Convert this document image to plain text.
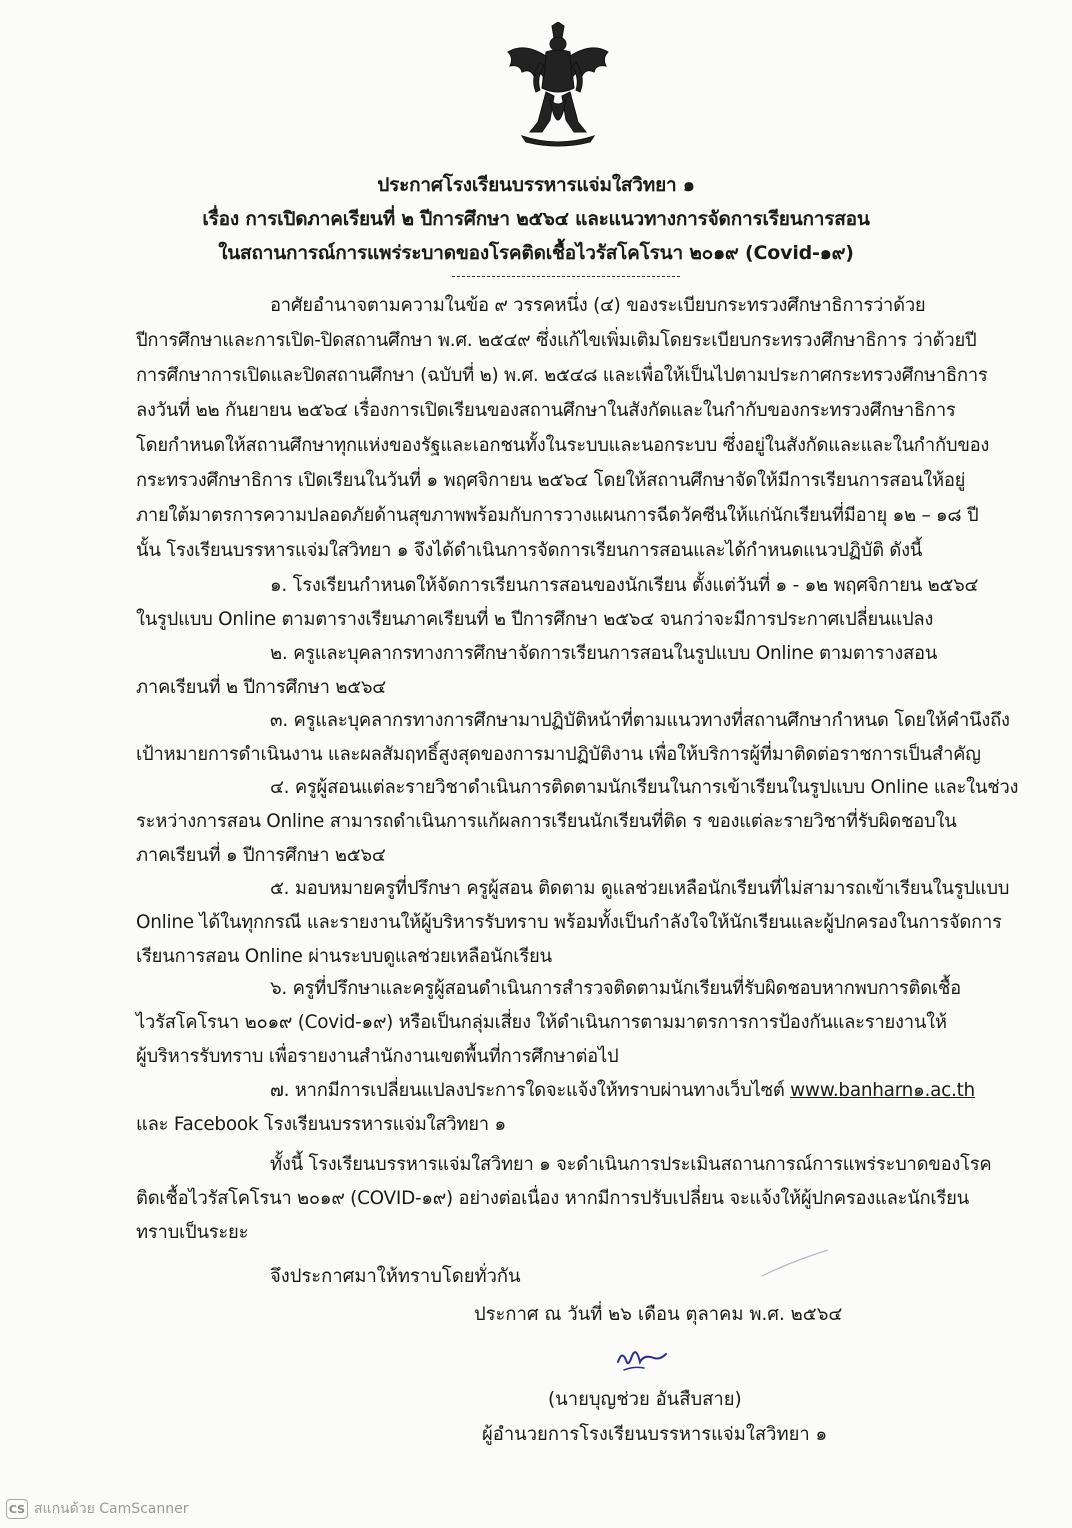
ประกาศโรงเรียนบรรหารแจ่มใสวิทยา ๑
เรื่อง การเปิดภาคเรียนที่ ๒ ปีการศึกษา ๒๕๖๔ และแนวทางการจัดการเรียนการสอน
ในสถานการณ์การแพร่ระบาดของโรคติดเชื้อไวรัสโคโรนา ๒๐๑๙ (Covid-๑๙)
อาศัยอำนาจตามความในข้อ ๙ วรรคหนึ่ง (๔) ของระเบียบกระทรวงศึกษาธิการว่าด้วย
ปีการศึกษาและการเปิด-ปิดสถานศึกษา พ.ศ. ๒๕๔๙ ซึ่งแก้ไขเพิ่มเติมโดยระเบียบกระทรวงศึกษาธิการ ว่าด้วยปี
การศึกษาการเปิดและปิดสถานศึกษา (ฉบับที่ ๒) พ.ศ. ๒๕๔๘ และเพื่อให้เป็นไปตามประกาศกระทรวงศึกษาธิการ
ลงวันที่ ๒๒ กันยายน ๒๕๖๔ เรื่องการเปิดเรียนของสถานศึกษาในสังกัดและในกำกับของกระทรวงศึกษาธิการ
โดยกำหนดให้สถานศึกษาทุกแห่งของรัฐและเอกชนทั้งในระบบและนอกระบบ ซึ่งอยู่ในสังกัดและและในกำกับของ
กระทรวงศึกษาธิการ เปิดเรียนในวันที่ ๑ พฤศจิกายน ๒๕๖๔ โดยให้สถานศึกษาจัดให้มีการเรียนการสอนให้อยู่
ภายใต้มาตรการความปลอดภัยด้านสุขภาพพร้อมกับการวางแผนการฉีดวัคซีนให้แก่นักเรียนที่มีอายุ ๑๒ – ๑๘ ปี
นั้น โรงเรียนบรรหารแจ่มใสวิทยา ๑ จึงได้ดำเนินการจัดการเรียนการสอนและได้กำหนดแนวปฏิบัติ ดังนี้
๑. โรงเรียนกำหนดให้จัดการเรียนการสอนของนักเรียน ตั้งแต่วันที่ ๑ - ๑๒ พฤศจิกายน ๒๕๖๔
ในรูปแบบ Online ตามตารางเรียนภาคเรียนที่ ๒ ปีการศึกษา ๒๕๖๔ จนกว่าจะมีการประกาศเปลี่ยนแปลง
๒. ครูและบุคลากรทางการศึกษาจัดการเรียนการสอนในรูปแบบ Online ตามตารางสอน
ภาคเรียนที่ ๒ ปีการศึกษา ๒๕๖๔
๓. ครูและบุคลากรทางการศึกษามาปฏิบัติหน้าที่ตามแนวทางที่สถานศึกษากำหนด โดยให้คำนึงถึง
เป้าหมายการดำเนินงาน และผลสัมฤทธิ์สูงสุดของการมาปฏิบัติงาน เพื่อให้บริการผู้ที่มาติดต่อราชการเป็นสำคัญ
๔. ครูผู้สอนแต่ละรายวิชาดำเนินการติดตามนักเรียนในการเข้าเรียนในรูปแบบ Online และในช่วง
ระหว่างการสอน Online สามารถดำเนินการแก้ผลการเรียนนักเรียนที่ติด ร ของแต่ละรายวิชาที่รับผิดชอบใน
ภาคเรียนที่ ๑ ปีการศึกษา ๒๕๖๔
๕. มอบหมายครูที่ปรึกษา ครูผู้สอน ติดตาม ดูแลช่วยเหลือนักเรียนที่ไม่สามารถเข้าเรียนในรูปแบบ
Online ได้ในทุกกรณี และรายงานให้ผู้บริหารรับทราบ พร้อมทั้งเป็นกำลังใจให้นักเรียนและผู้ปกครองในการจัดการ
เรียนการสอน Online ผ่านระบบดูแลช่วยเหลือนักเรียน
๖. ครูที่ปรึกษาและครูผู้สอนดำเนินการสำรวจติดตามนักเรียนที่รับผิดชอบหากพบการติดเชื้อ
ไวรัสโคโรนา ๒๐๑๙ (Covid-๑๙) หรือเป็นกลุ่มเสี่ยง ให้ดำเนินการตามมาตรการการป้องกันและรายงานให้
ผู้บริหารรับทราบ เพื่อรายงานสำนักงานเขตพื้นที่การศึกษาต่อไป
๗. หากมีการเปลี่ยนแปลงประการใดจะแจ้งให้ทราบผ่านทางเว็บไซต์ www.banharn๑.ac.th
และ Facebook โรงเรียนบรรหารแจ่มใสวิทยา ๑
ทั้งนี้ โรงเรียนบรรหารแจ่มใสวิทยา ๑ จะดำเนินการประเมินสถานการณ์การแพร่ระบาดของโรค
ติดเชื้อไวรัสโคโรนา ๒๐๑๙ (COVID-๑๙) อย่างต่อเนื่อง หากมีการปรับเปลี่ยน จะแจ้งให้ผู้ปกครองและนักเรียน
ทราบเป็นระยะ
จึงประกาศมาให้ทราบโดยทั่วกัน
ประกาศ ณ วันที่ ๒๖ เดือน ตุลาคม พ.ศ. ๒๕๖๔
(นายบุญช่วย อันสืบสาย)
ผู้อำนวยการโรงเรียนบรรหารแจ่มใสวิทยา ๑
CS สแกนด้วย CamScanner
